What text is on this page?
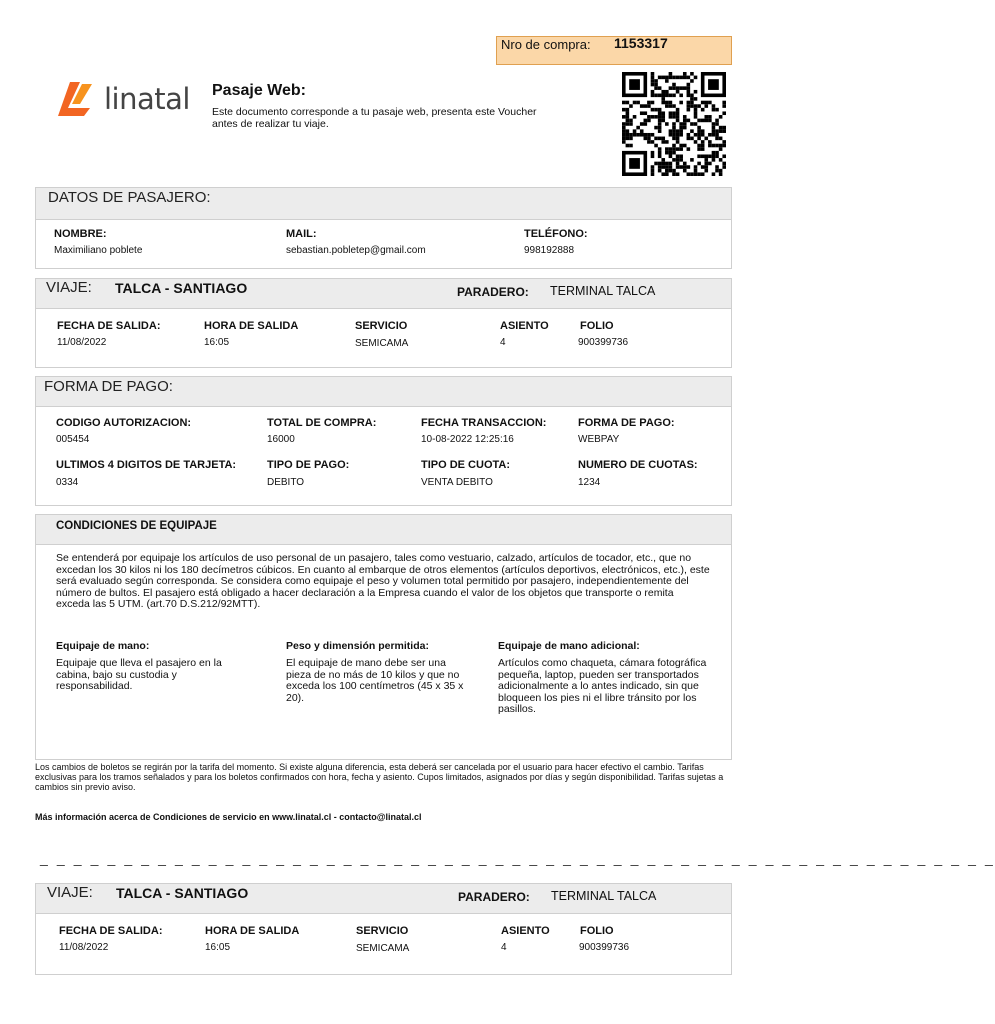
Nro de compra: 1153317
linatal Pasaje Web:
Este documento corresponde a tu pasaje web, presenta este Voucher antes de realizar tu viaje.
DATOS DE PASAJERO:
NOMBRE:
Maximiliano poblete
MAIL:
sebastian.pobletep@gmail.com
TELÉFONO:
998192888
VIAJE: TALCA - SANTIAGO	PARADERO: TERMINAL TALCA
FECHA DE SALIDA:
11/08/2022
HORA DE SALIDA
16:05
SERVICIO
SEMICAMA
ASIENTO
4
FOLIO
900399736
FORMA DE PAGO:
CODIGO AUTORIZACION:
005454
TOTAL DE COMPRA:
16000
FECHA TRANSACCION:
10-08-2022 12:25:16
FORMA DE PAGO:
WEBPAY
ULTIMOS 4 DIGITOS DE TARJETA:
0334
TIPO DE PAGO:
DEBITO
TIPO DE CUOTA:
VENTA DEBITO
NUMERO DE CUOTAS:
1234
CONDICIONES DE EQUIPAJE
Se entenderá por equipaje los artículos de uso personal de un pasajero, tales como vestuario, calzado, artículos de tocador, etc., que no excedan los 30 kilos ni los 180 decímetros cúbicos. En cuanto al embarque de otros elementos (artículos deportivos, electrónicos, etc.), este será evaluado según corresponda. Se considera como equipaje el peso y volumen total permitido por pasajero, independientemente del número de bultos. El pasajero está obligado a hacer declaración a la Empresa cuando el valor de los objetos que transporte o remita exceda las 5 UTM. (art.70 D.S.212/92MTT).
Equipaje de mano:
Equipaje que lleva el pasajero en la cabina, bajo su custodia y responsabilidad.
Peso y dimensión permitida:
El equipaje de mano debe ser una pieza de no más de 10 kilos y que no exceda los 100 centímetros (45 x 35 x 20).
Equipaje de mano adicional:
Artículos como chaqueta, cámara fotográfica pequeña, laptop, pueden ser transportados adicionalmente a lo antes indicado, sin que bloqueen los pies ni el libre tránsito por los pasillos.
Los cambios de boletos se regirán por la tarifa del momento. Si existe alguna diferencia, esta deberá ser cancelada por el usuario para hacer efectivo el cambio. Tarifas exclusivas para los tramos señalados y para los boletos confirmados con hora, fecha y asiento. Cupos limitados, asignados por días y según disponibilidad. Tarifas sujetas a cambios sin previo aviso.
Más información acerca de Condiciones de servicio en www.linatal.cl - contacto@linatal.cl
_ _ _ _ _ _ _ _ _ _ _ _ _ _ _ _ _ _ _ _ _ _ _ _ _ _ _ _ _ _ _ _ _ _ _ _ _ _ _ _ _ _ _ _ _ _ _ _ _ _ _ _ _ _ _ _ _
VIAJE: TALCA - SANTIAGO	PARADERO: TERMINAL TALCA
FECHA DE SALIDA:
11/08/2022
HORA DE SALIDA
16:05
SERVICIO
SEMICAMA
ASIENTO
4
FOLIO
900399736
